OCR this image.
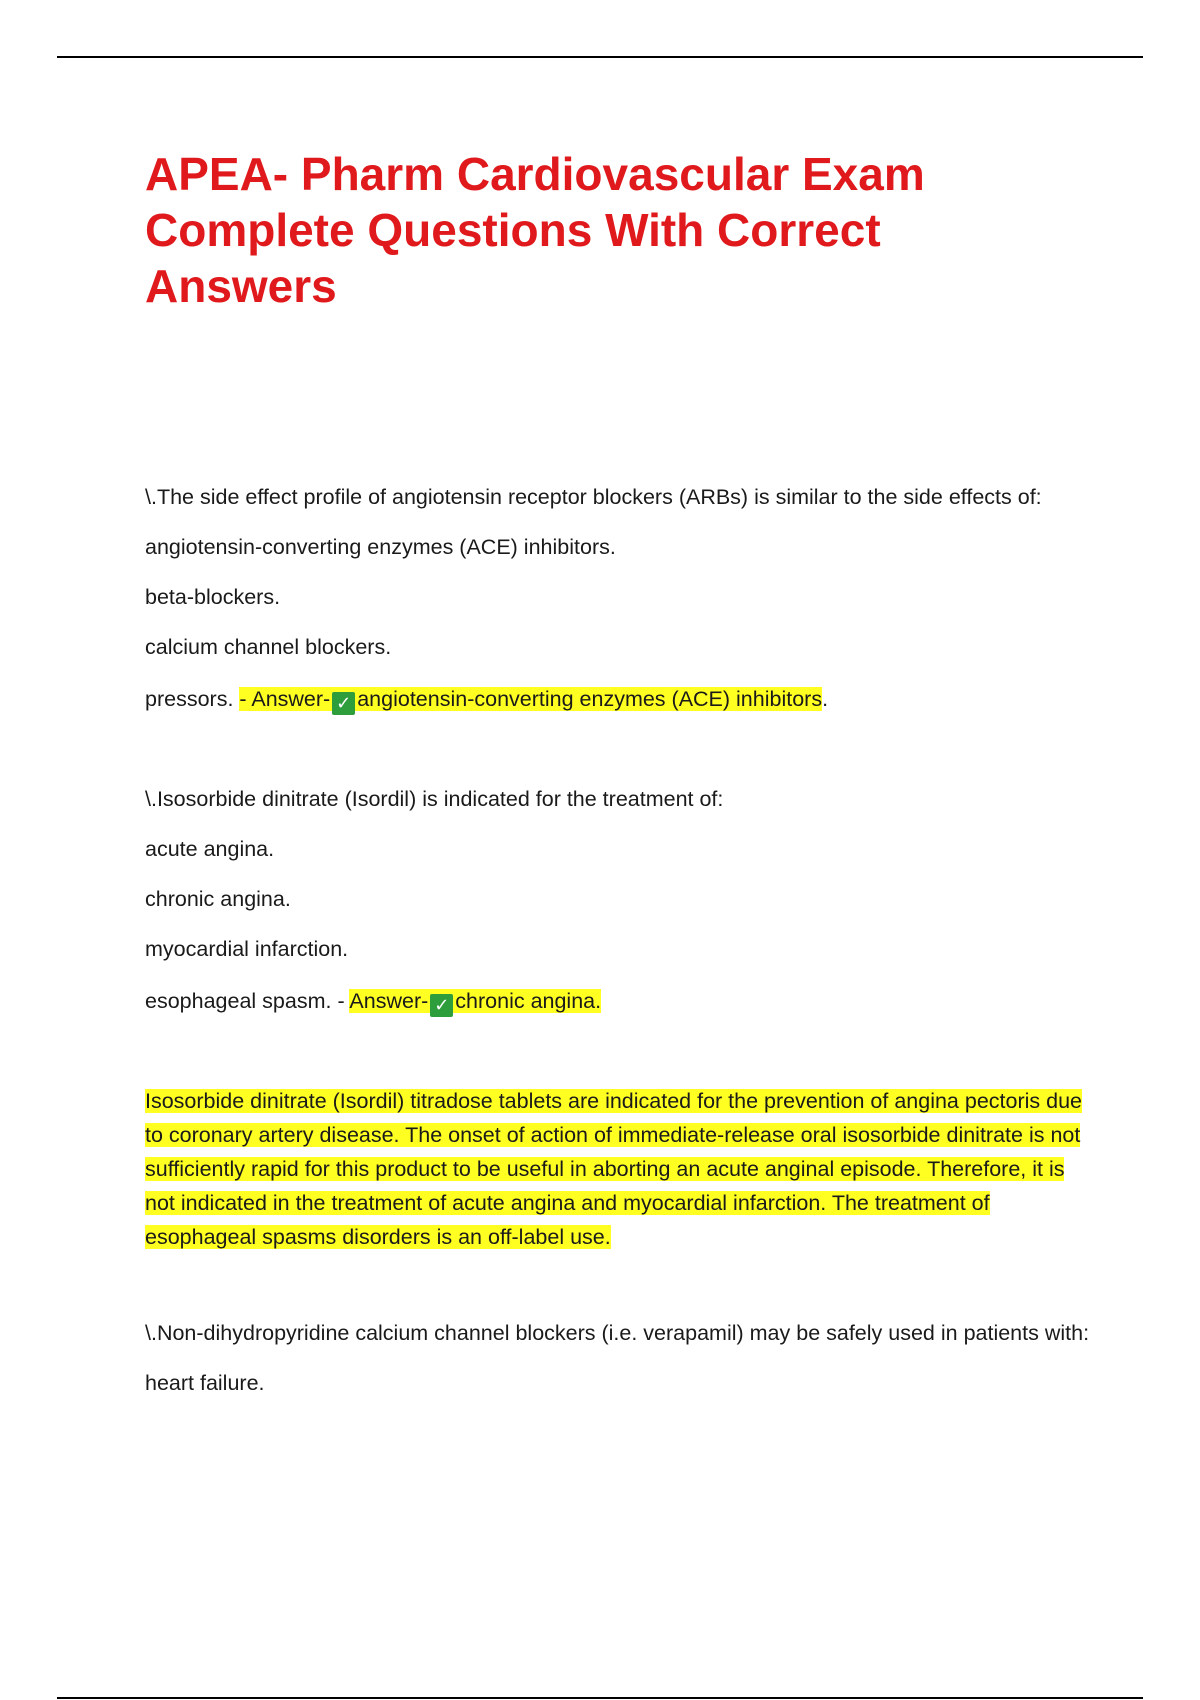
APEA- Pharm Cardiovascular Exam Complete Questions With Correct Answers

\.The side effect profile of angiotensin receptor blockers (ARBs) is similar to the side effects of:

angiotensin-converting enzymes (ACE) inhibitors.

beta-blockers.

calcium channel blockers.

pressors. - Answer- ✓ angiotensin-converting enzymes (ACE) inhibitors.

\.Isosorbide dinitrate (Isordil) is indicated for the treatment of:

acute angina.

chronic angina.

myocardial infarction.

esophageal spasm. - Answer- ✓ chronic angina.

Isosorbide dinitrate (Isordil) titradose tablets are indicated for the prevention of angina pectoris due to coronary artery disease. The onset of action of immediate-release oral isosorbide dinitrate is not sufficiently rapid for this product to be useful in aborting an acute anginal episode. Therefore, it is not indicated in the treatment of acute angina and myocardial infarction. The treatment of esophageal spasms disorders is an off-label use.

\.Non-dihydropyridine calcium channel blockers (i.e. verapamil) may be safely used in patients with:

heart failure.
